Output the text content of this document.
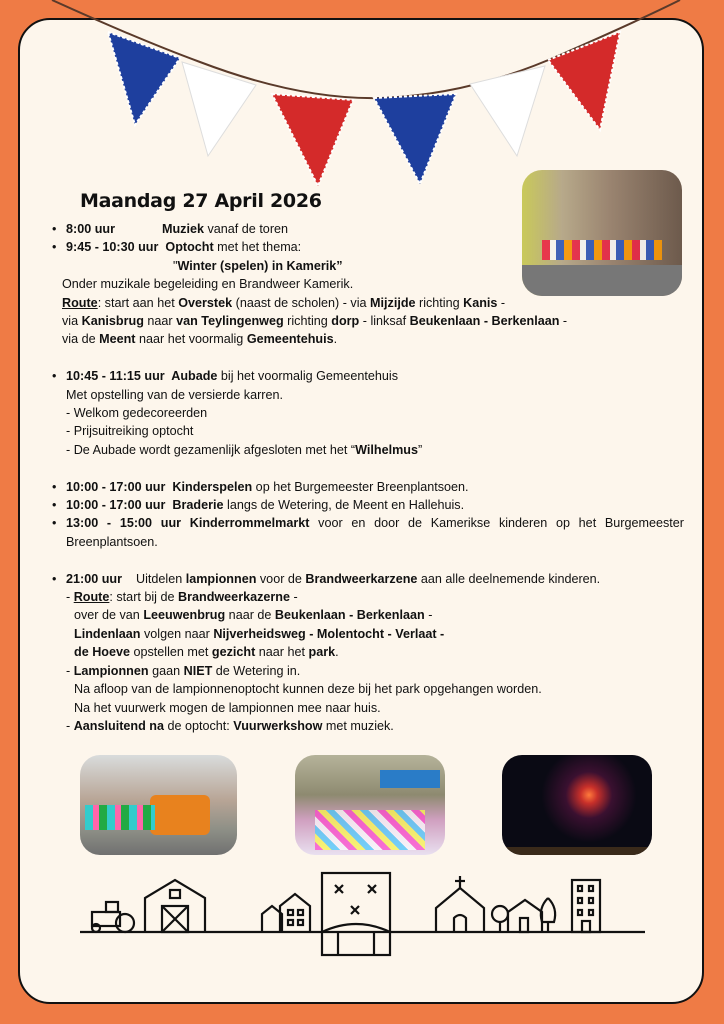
Maandag 27 April 2026
• 8:00 uur	Muziek vanaf de toren
• 9:45 - 10:30 uur  Optocht met het thema:
"Winter (spelen) in Kamerik”
Onder muzikale begeleiding en Brandweer Kamerik.
Route: start aan het Overstek (naast de scholen) - via Mijzijde richting Kanis -
via Kanisbrug naar van Teylingenweg richting dorp - linksaf Beukenlaan - Berkenlaan -
via de Meent naar het voormalig Gemeentehuis.
• 10:45 - 11:15 uur  Aubade bij het voormalig Gemeentehuis
Met opstelling van de versierde karren.
- Welkom gedecoreerden
- Prijsuitreiking optocht
- De Aubade wordt gezamenlijk afgesloten met het “Wilhelmus”
• 10:00 - 17:00 uur  Kinderspelen op het Burgemeester Breenplantsoen.
• 10:00 - 17:00 uur  Braderie langs de Wetering, de Meent en Hallehuis.
• 13:00 - 15:00 uur Kinderrommelmarkt voor en door de Kamerikse kinderen op het Burgemeester Breenplantsoen.
• 21:00 uur    Uitdelen lampionnen voor de Brandweerkarzene aan alle deelnemende kinderen.
- Route: start bij de Brandweerkazerne -
over de van Leeuwenbrug naar de Beukenlaan - Berkenlaan -
Lindenlaan volgen naar Nijverheidsweg - Molentocht - Verlaat -
de Hoeve opstellen met gezicht naar het park.
- Lampionnen gaan NIET de Wetering in.
Na afloop van de lampionnenoptocht kunnen deze bij het park opgehangen worden.
Na het vuurwerk mogen de lampionnen mee naar huis.
- Aansluitend na de optocht: Vuurwerkshow met muziek.
